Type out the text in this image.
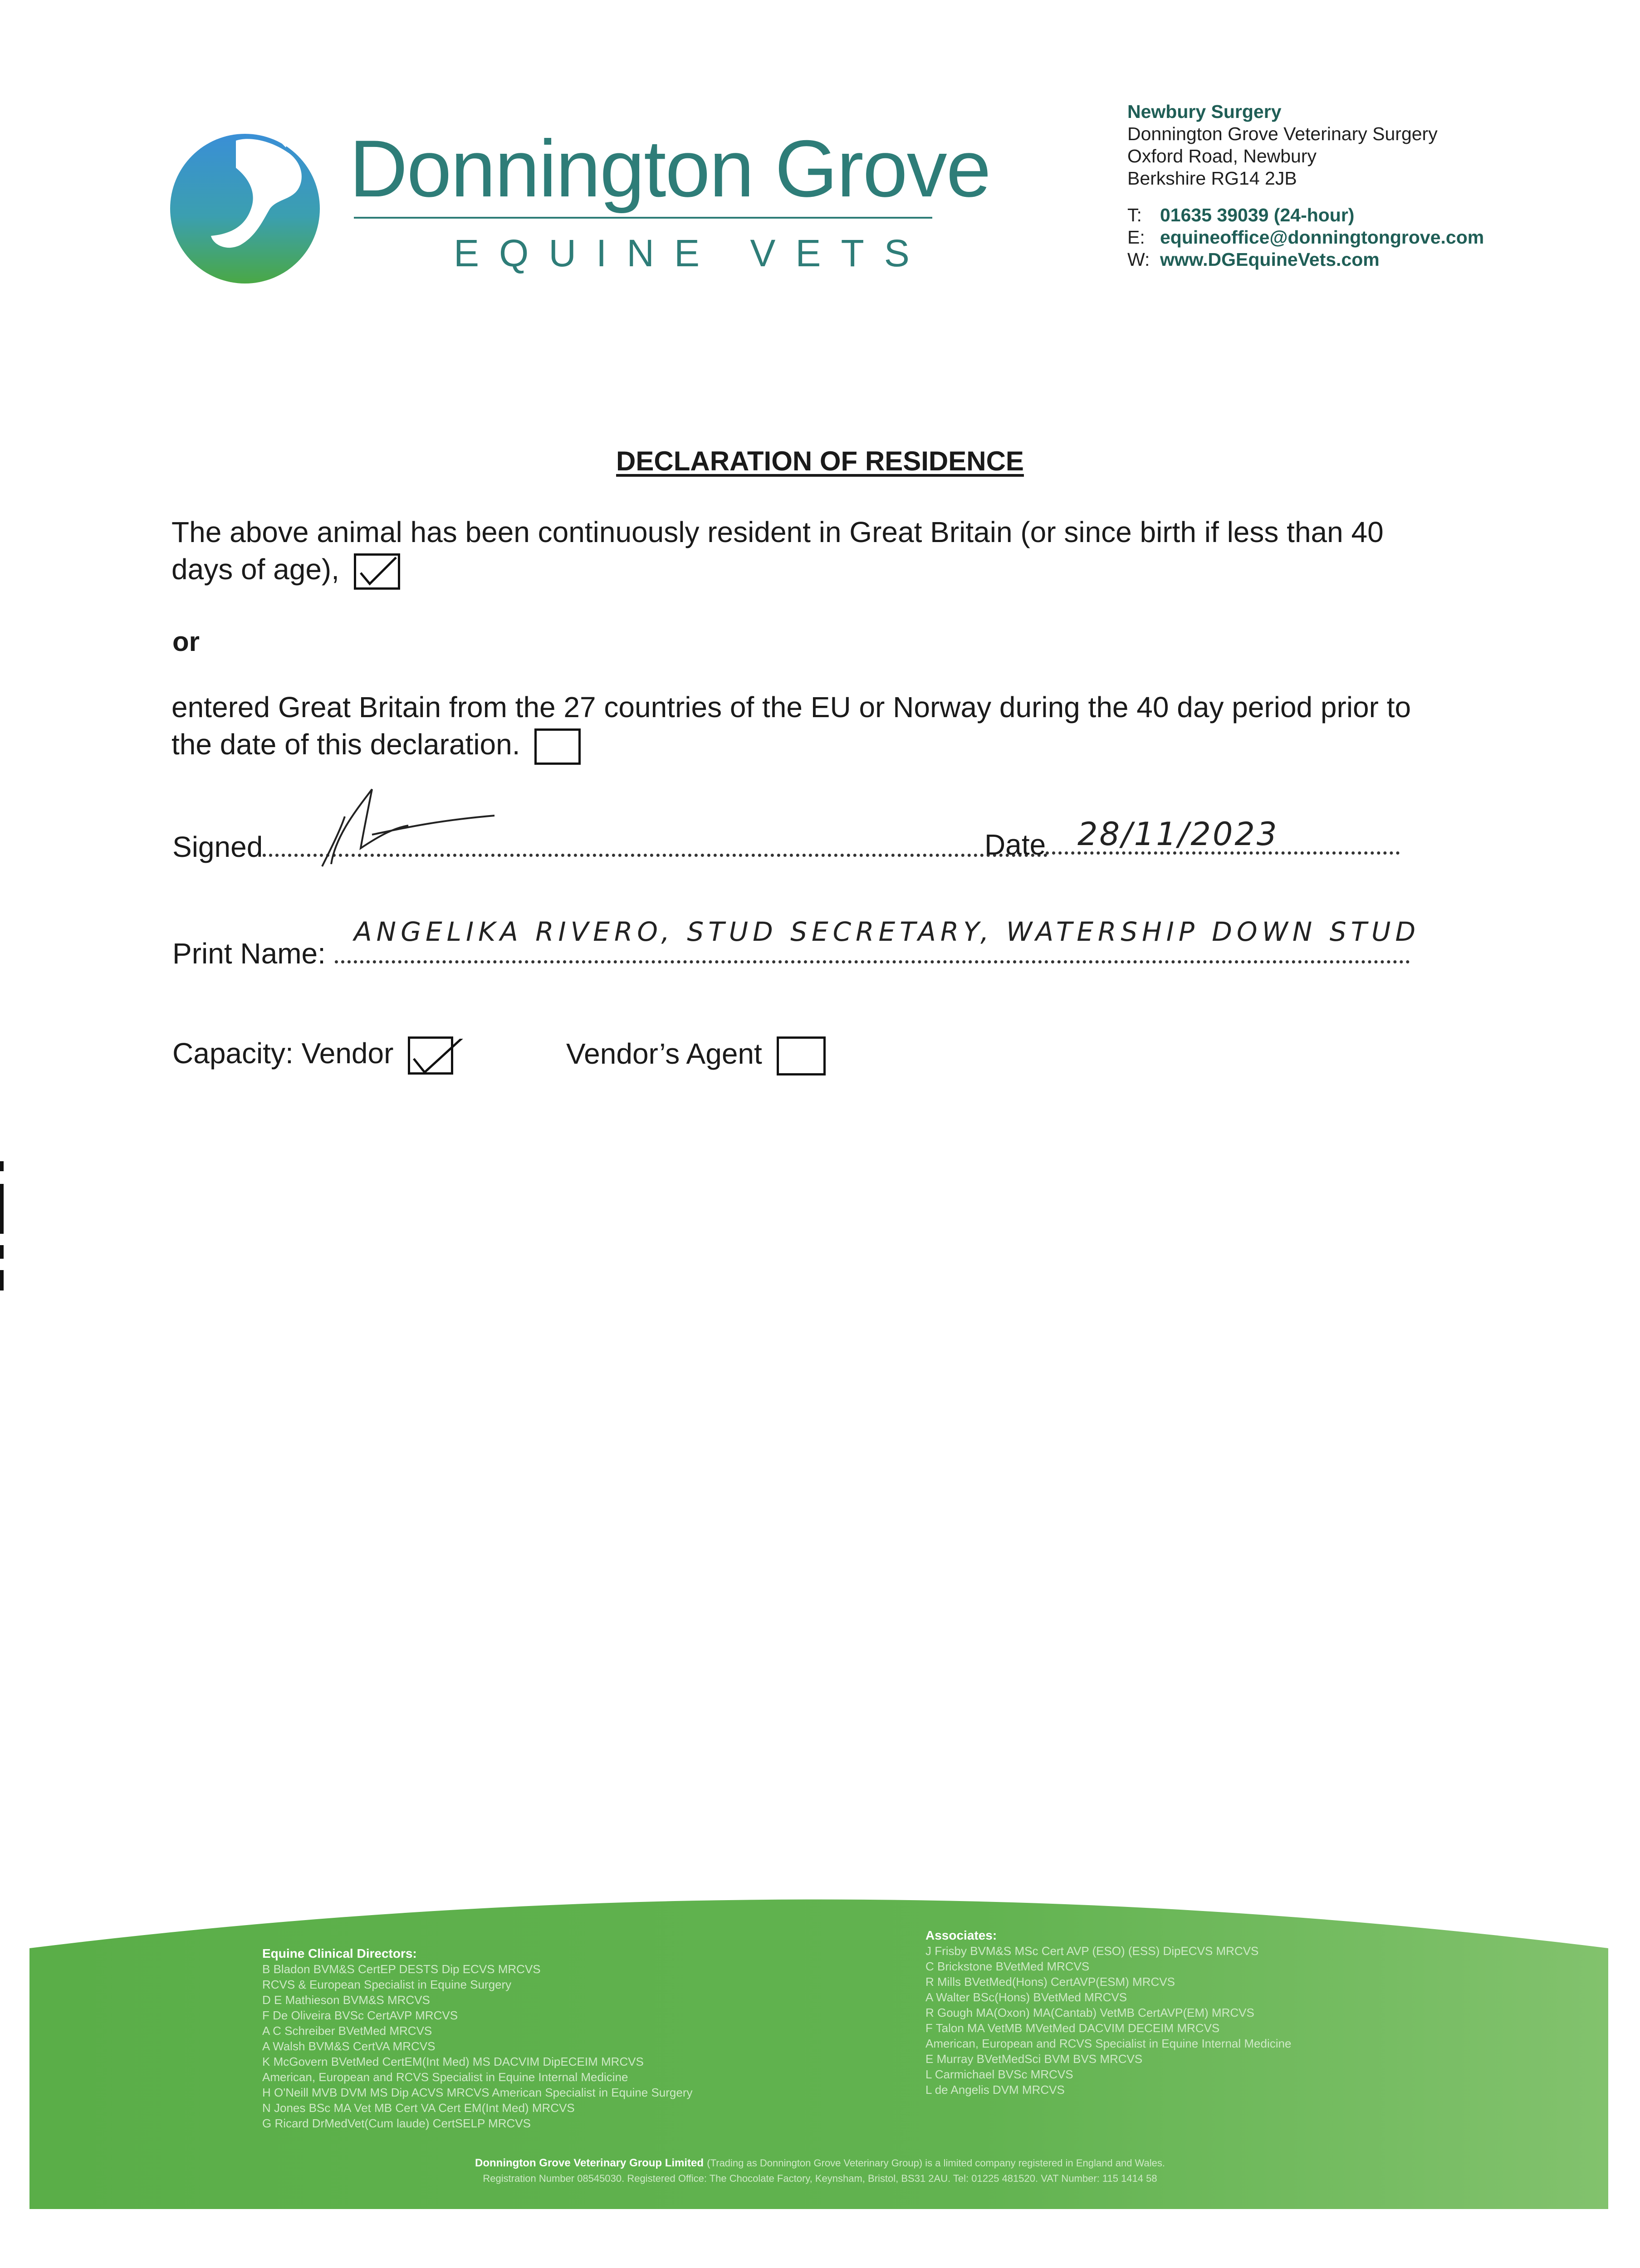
Donnington Grove
EQUINE VETS
Newbury Surgery
Donnington Grove Veterinary Surgery
Oxford Road, Newbury
Berkshire RG14 2JB
T: 01635 39039 (24-hour)
E: equineoffice@donningtongrove.com
W: www.DGEquineVets.com
DECLARATION OF RESIDENCE
The above animal has been continuously resident in Great Britain (or since birth if less than 40 days of age),
or
entered Great Britain from the 27 countries of the EU or Norway during the 40 day period prior to the date of this declaration.
Signed	Date 28/11/2023
Print Name:
ANGELIKA RIVERO, STUD SECRETARY, WATERSHIP DOWN STUD
Capacity: Vendor	Vendor’s Agent
Equine Clinical Directors:
B Bladon BVM&S CertEP DESTS Dip ECVS MRCVS
RCVS & European Specialist in Equine Surgery
D E Mathieson BVM&S MRCVS
F De Oliveira BVSc CertAVP MRCVS
A C Schreiber BVetMed MRCVS
A Walsh BVM&S CertVA MRCVS
K McGovern BVetMed CertEM(Int Med) MS DACVIM DipECEIM MRCVS
American, European and RCVS Specialist in Equine Internal Medicine
H O'Neill MVB DVM MS Dip ACVS MRCVS American Specialist in Equine Surgery
N Jones BSc MA Vet MB Cert VA Cert EM(Int Med) MRCVS
G Ricard DrMedVet(Cum laude) CertSELP MRCVS
Associates:
J Frisby BVM&S MSc Cert AVP (ESO) (ESS) DipECVS MRCVS
C Brickstone BVetMed MRCVS
R Mills BVetMed(Hons) CertAVP(ESM) MRCVS
A Walter BSc(Hons) BVetMed MRCVS
R Gough MA(Oxon) MA(Cantab) VetMB CertAVP(EM) MRCVS
F Talon MA VetMB MVetMed DACVIM DECEIM MRCVS
American, European and RCVS Specialist in Equine Internal Medicine
E Murray BVetMedSci BVM BVS MRCVS
L Carmichael BVSc MRCVS
L de Angelis DVM MRCVS
Donnington Grove Veterinary Group Limited (Trading as Donnington Grove Veterinary Group) is a limited company registered in England and Wales.
Registration Number 08545030. Registered Office: The Chocolate Factory, Keynsham, Bristol, BS31 2AU. Tel: 01225 481520. VAT Number: 115 1414 58
